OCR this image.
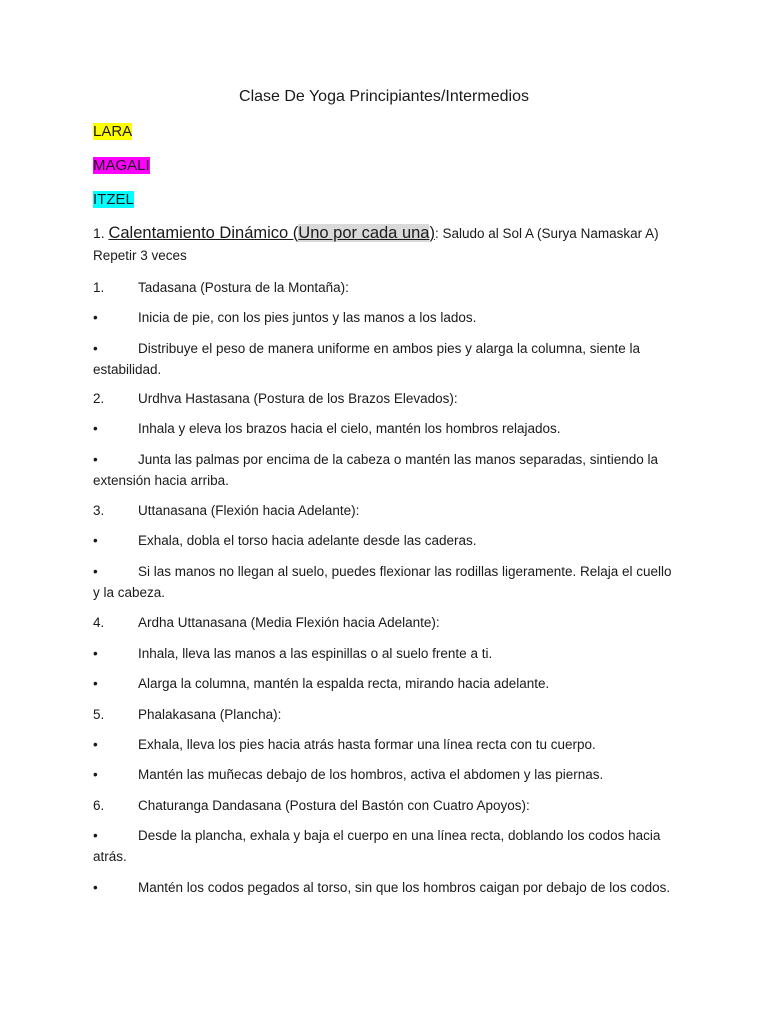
Clase De Yoga Principiantes/Intermedios
LARA
MAGALI
ITZEL
1. Calentamiento Dinámico (Uno por cada una): Saludo al Sol A (Surya Namaskar A) Repetir 3 veces
1. Tadasana (Postura de la Montaña):
•	Inicia de pie, con los pies juntos y las manos a los lados.
•	Distribuye el peso de manera uniforme en ambos pies y alarga la columna, siente la estabilidad.
2. Urdhva Hastasana (Postura de los Brazos Elevados):
•	Inhala y eleva los brazos hacia el cielo, mantén los hombros relajados.
•	Junta las palmas por encima de la cabeza o mantén las manos separadas, sintiendo la extensión hacia arriba.
3. Uttanasana (Flexión hacia Adelante):
•	Exhala, dobla el torso hacia adelante desde las caderas.
•	Si las manos no llegan al suelo, puedes flexionar las rodillas ligeramente. Relaja el cuello y la cabeza.
4. Ardha Uttanasana (Media Flexión hacia Adelante):
•	Inhala, lleva las manos a las espinillas o al suelo frente a ti.
•	Alarga la columna, mantén la espalda recta, mirando hacia adelante.
5. Phalakasana (Plancha):
•	Exhala, lleva los pies hacia atrás hasta formar una línea recta con tu cuerpo.
•	Mantén las muñecas debajo de los hombros, activa el abdomen y las piernas.
6. Chaturanga Dandasana (Postura del Bastón con Cuatro Apoyos):
•	Desde la plancha, exhala y baja el cuerpo en una línea recta, doblando los codos hacia atrás.
•	Mantén los codos pegados al torso, sin que los hombros caigan por debajo de los codos.
